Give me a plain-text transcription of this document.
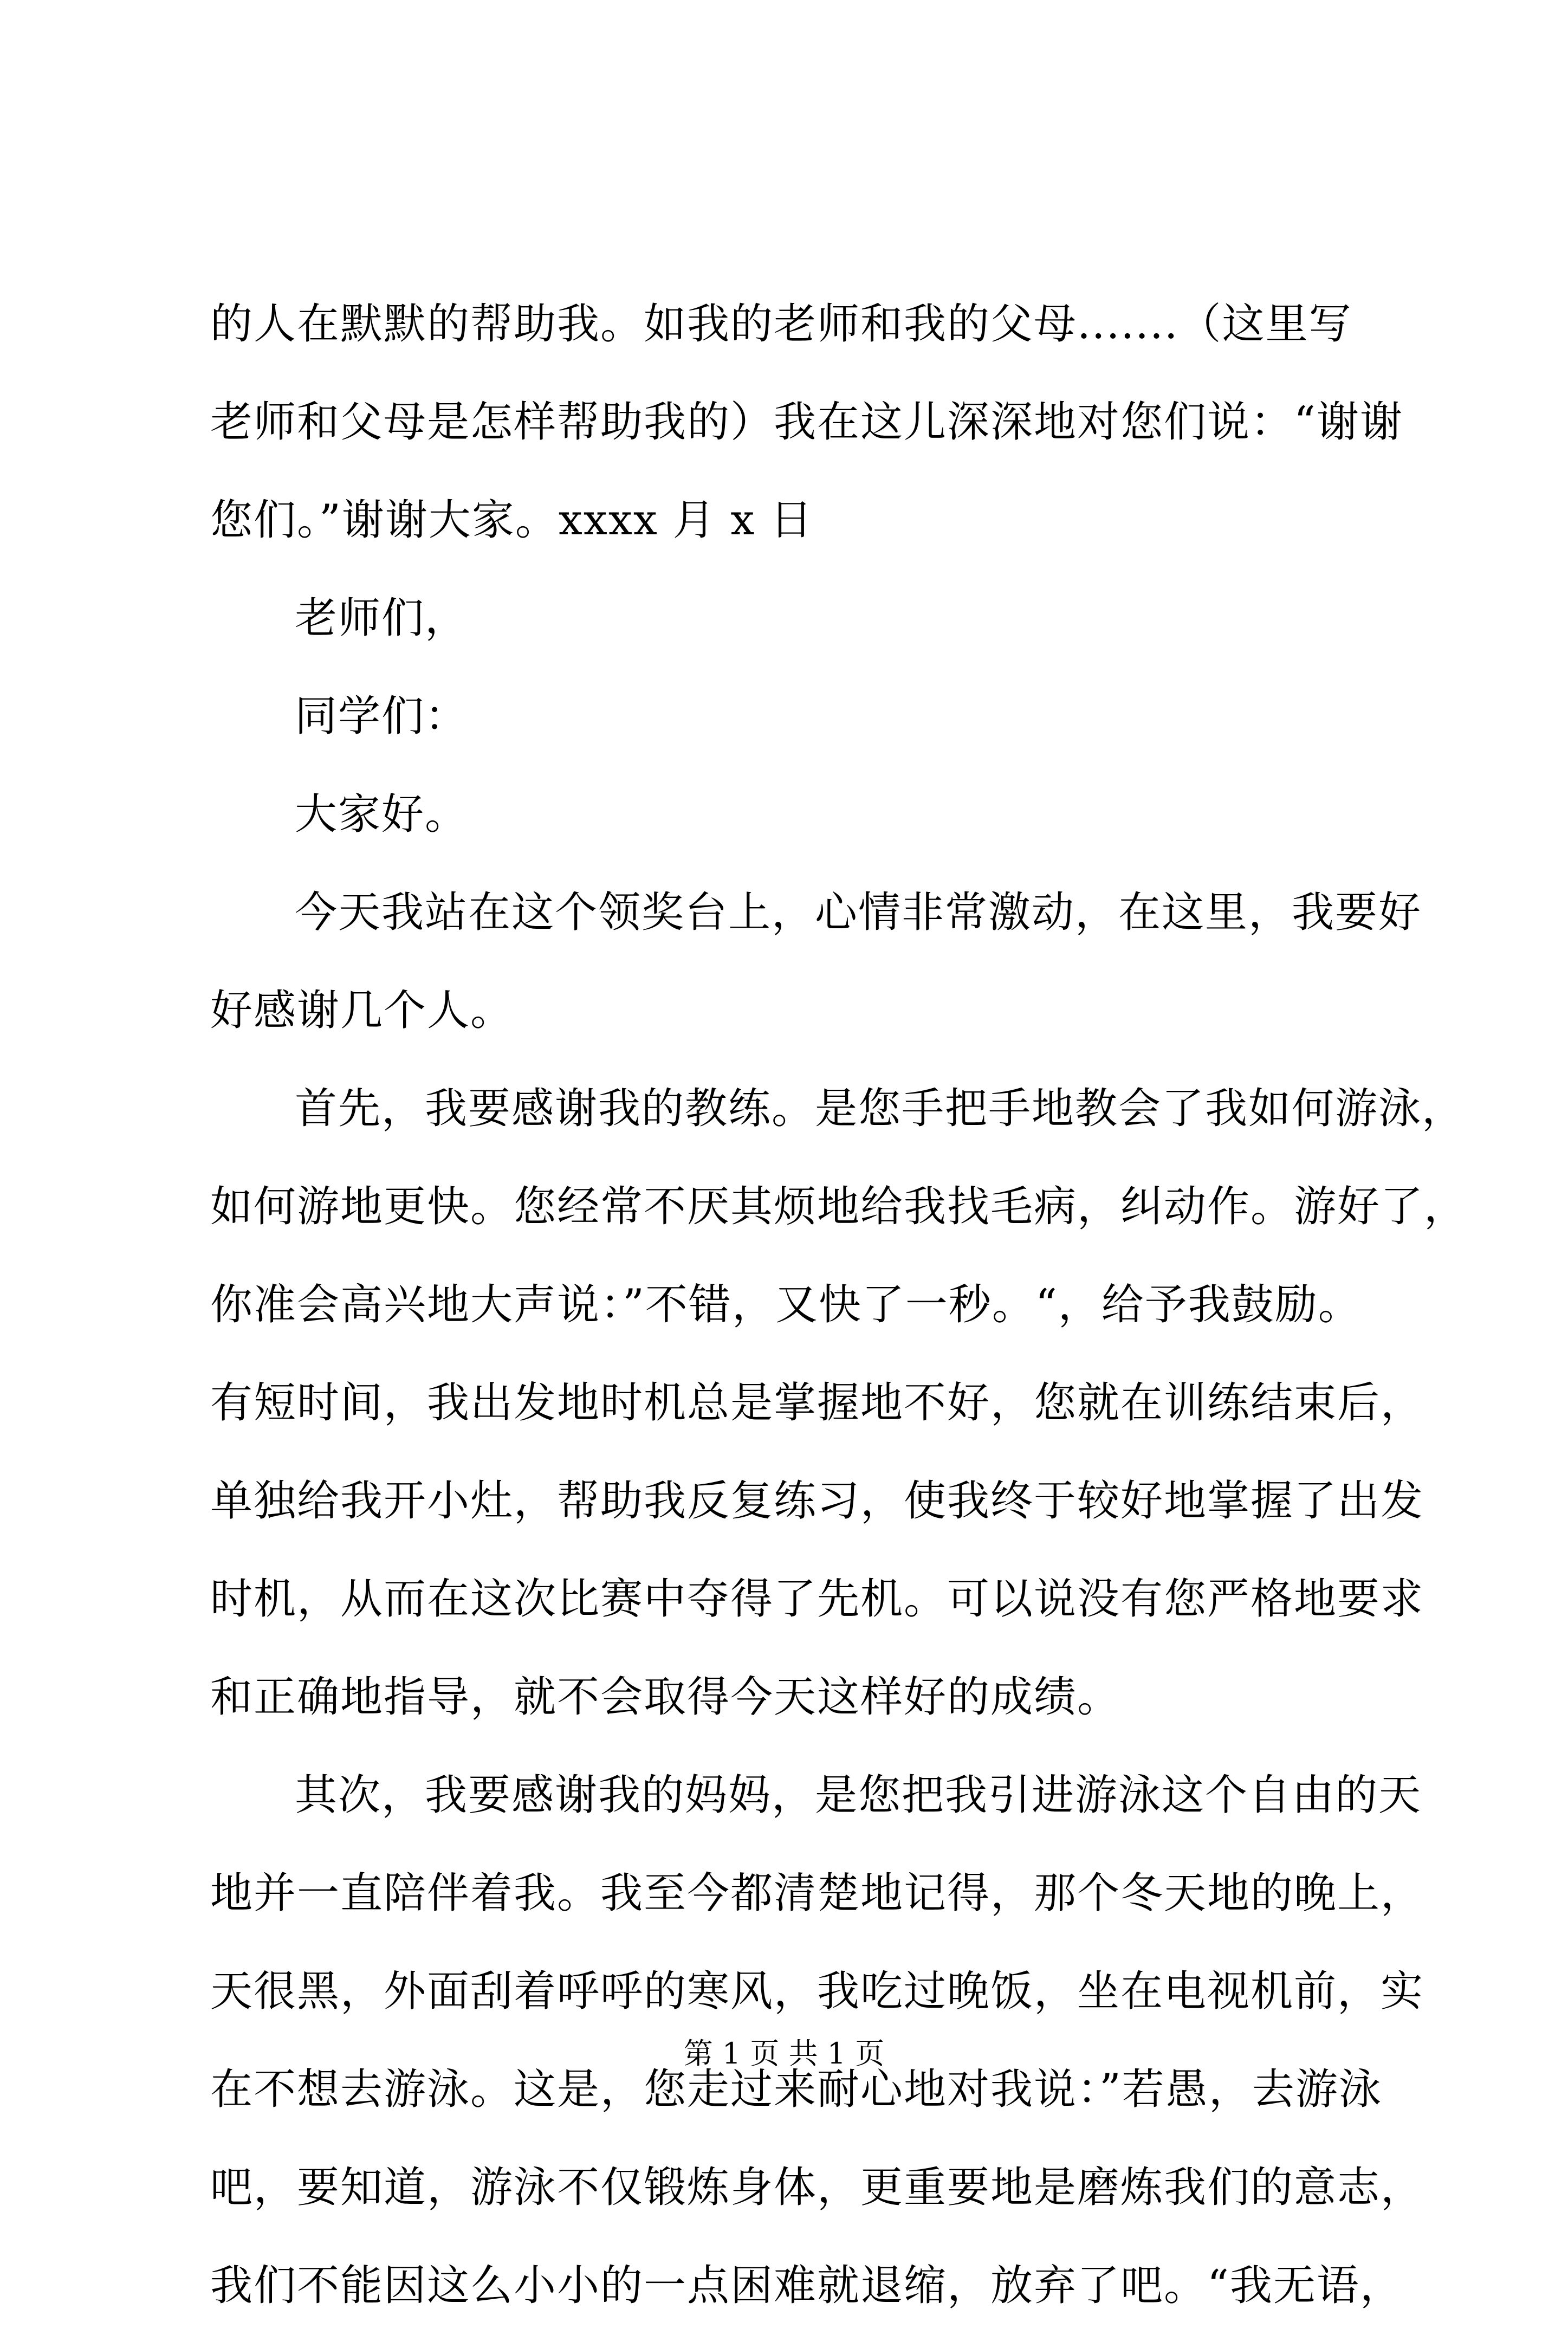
的人在默默的帮助我。如我的老师和我的父母.......（这里写
老师和父母是怎样帮助我的）我在这儿深深地对您们说：“谢谢
您们。”谢谢大家。xxxx 月 x 日
老师们，
同学们：
大家好。
今天我站在这个领奖台上，心情非常激动，在这里，我要好
好感谢几个人。
首先，我要感谢我的教练。是您手把手地教会了我如何游泳，
如何游地更快。您经常不厌其烦地给我找毛病，纠动作。游好了，
你准会高兴地大声说：”不错，又快了一秒。“，给予我鼓励。
有短时间，我出发地时机总是掌握地不好，您就在训练结束后，
单独给我开小灶，帮助我反复练习，使我终于较好地掌握了出发
时机，从而在这次比赛中夺得了先机。可以说没有您严格地要求
和正确地指导，就不会取得今天这样好的成绩。
其次，我要感谢我的妈妈，是您把我引进游泳这个自由的天
地并一直陪伴着我。我至今都清楚地记得，那个冬天地的晚上，
天很黑，外面刮着呼呼的寒风，我吃过晚饭，坐在电视机前，实
在不想去游泳。这是，您走过来耐心地对我说：”若愚，去游泳
吧，要知道，游泳不仅锻炼身体，更重要地是磨炼我们的意志，
我们不能因这么小小的一点困难就退缩，放弃了吧。“我无语，
第 1 页 共 1 页
